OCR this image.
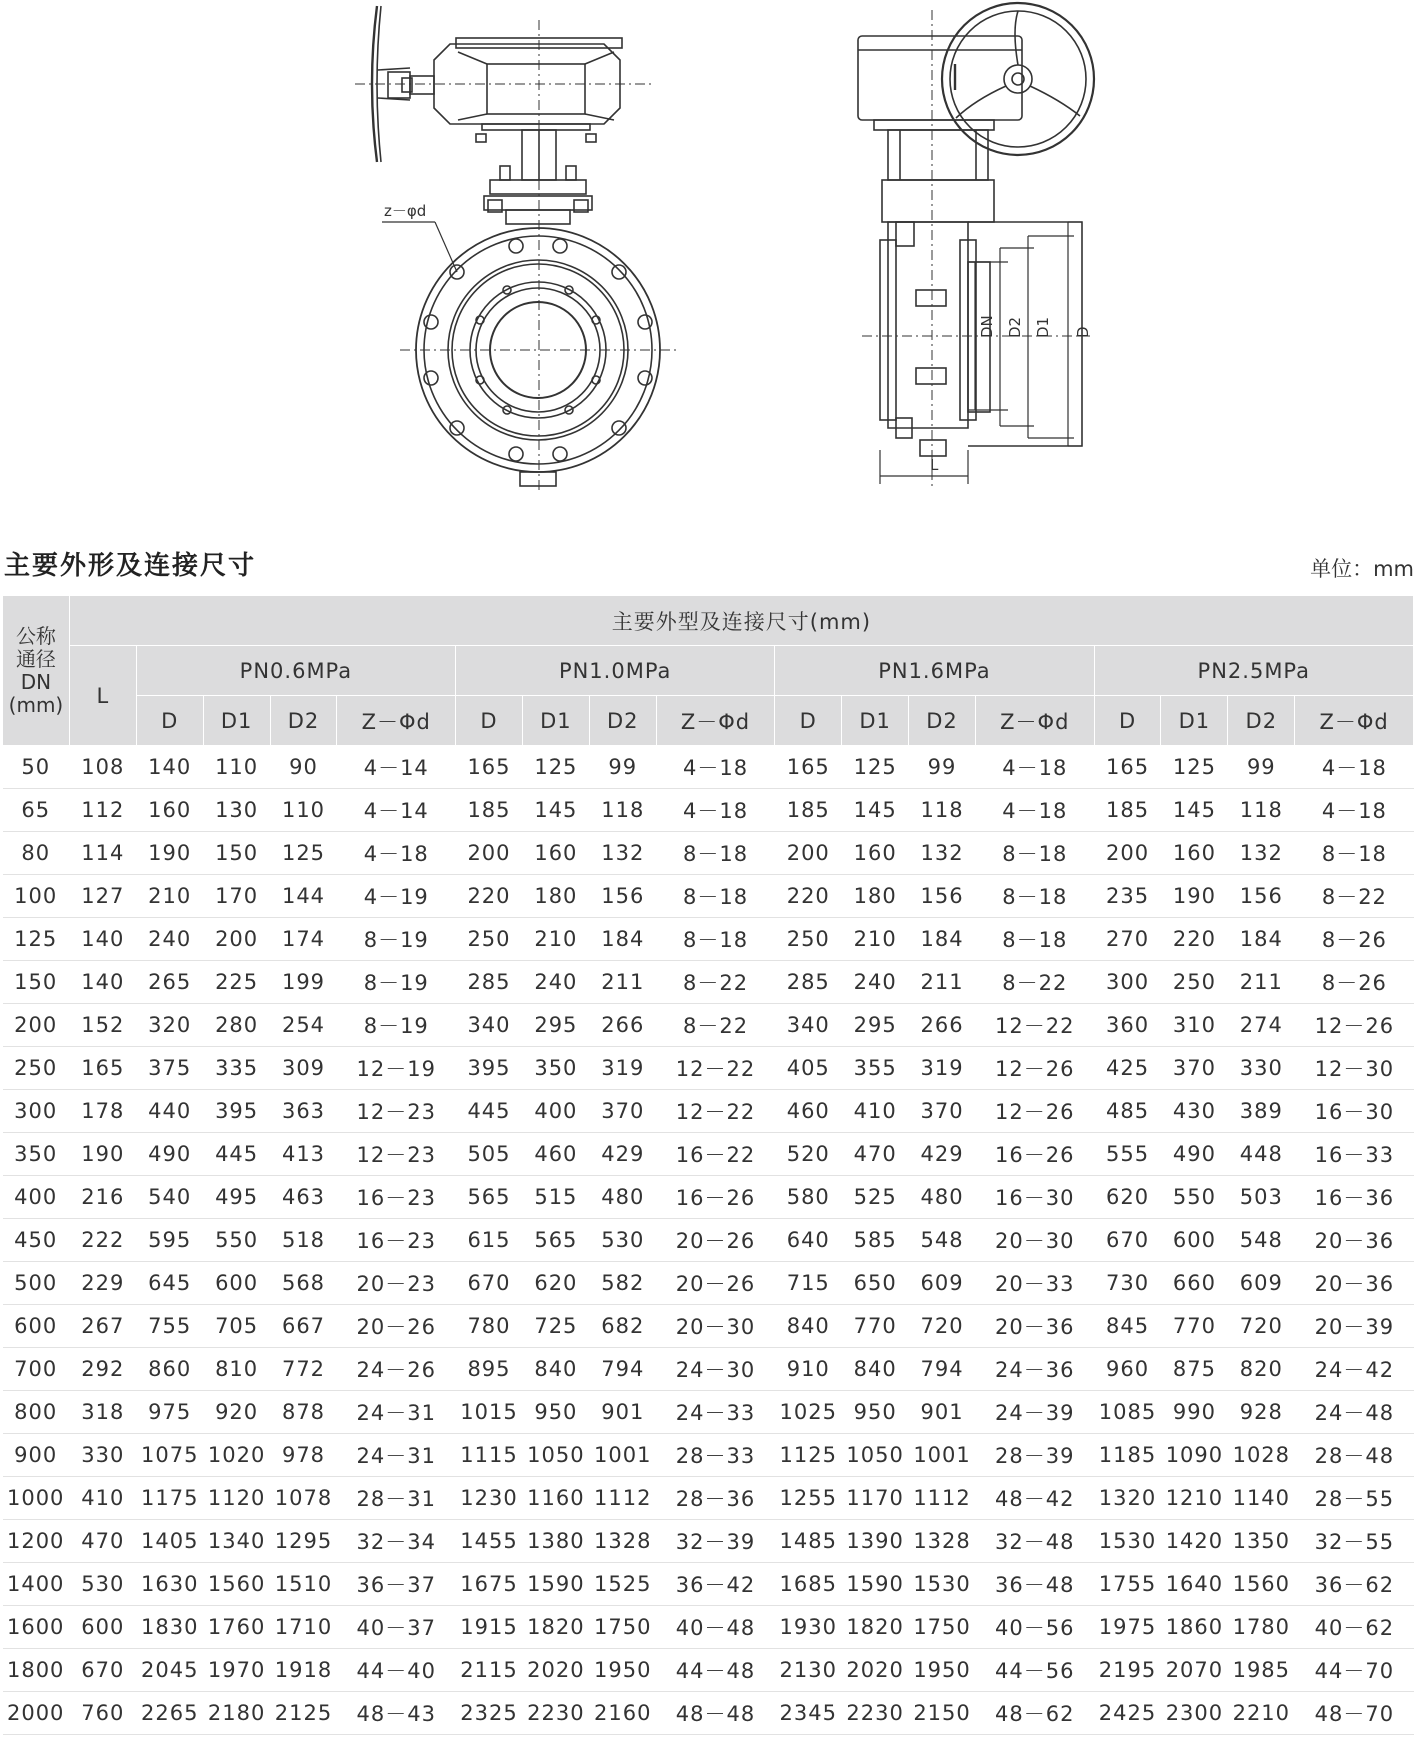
z－φd
DN D2 D1 D
L
主要外形及连接尺寸	单位：mm
公称
通径
DN
(mm)	主要外型及连接尺寸(mm)																
	L	PN0.6MPa				PN1.0MPa				PN1.6MPa				PN2.5MPa			
		D	D1	D2	Z－Φd	D	D1	D2	Z－Φd	D	D1	D2	Z－Φd	D	D1	D2	Z－Φd
50	108	140	110	90	4－14	165	125	99	4－18	165	125	99	4－18	165	125	99	4－18
65	112	160	130	110	4－14	185	145	118	4－18	185	145	118	4－18	185	145	118	4－18
80	114	190	150	125	4－18	200	160	132	8－18	200	160	132	8－18	200	160	132	8－18
100	127	210	170	144	4－19	220	180	156	8－18	220	180	156	8－18	235	190	156	8－22
125	140	240	200	174	8－19	250	210	184	8－18	250	210	184	8－18	270	220	184	8－26
150	140	265	225	199	8－19	285	240	211	8－22	285	240	211	8－22	300	250	211	8－26
200	152	320	280	254	8－19	340	295	266	8－22	340	295	266	12－22	360	310	274	12－26
250	165	375	335	309	12－19	395	350	319	12－22	405	355	319	12－26	425	370	330	12－30
300	178	440	395	363	12－23	445	400	370	12－22	460	410	370	12－26	485	430	389	16－30
350	190	490	445	413	12－23	505	460	429	16－22	520	470	429	16－26	555	490	448	16－33
400	216	540	495	463	16－23	565	515	480	16－26	580	525	480	16－30	620	550	503	16－36
450	222	595	550	518	16－23	615	565	530	20－26	640	585	548	20－30	670	600	548	20－36
500	229	645	600	568	20－23	670	620	582	20－26	715	650	609	20－33	730	660	609	20－36
600	267	755	705	667	20－26	780	725	682	20－30	840	770	720	20－36	845	770	720	20－39
700	292	860	810	772	24－26	895	840	794	24－30	910	840	794	24－36	960	875	820	24－42
800	318	975	920	878	24－31	1015	950	901	24－33	1025	950	901	24－39	1085	990	928	24－48
900	330	1075	1020	978	24－31	1115	1050	1001	28－33	1125	1050	1001	28－39	1185	1090	1028	28－48
1000	410	1175	1120	1078	28－31	1230	1160	1112	28－36	1255	1170	1112	48－42	1320	1210	1140	28－55
1200	470	1405	1340	1295	32－34	1455	1380	1328	32－39	1485	1390	1328	32－48	1530	1420	1350	32－55
1400	530	1630	1560	1510	36－37	1675	1590	1525	36－42	1685	1590	1530	36－48	1755	1640	1560	36－62
1600	600	1830	1760	1710	40－37	1915	1820	1750	40－48	1930	1820	1750	40－56	1975	1860	1780	40－62
1800	670	2045	1970	1918	44－40	2115	2020	1950	44－48	2130	2020	1950	44－56	2195	2070	1985	44－70
2000	760	2265	2180	2125	48－43	2325	2230	2160	48－48	2345	2230	2150	48－62	2425	2300	2210	48－70
